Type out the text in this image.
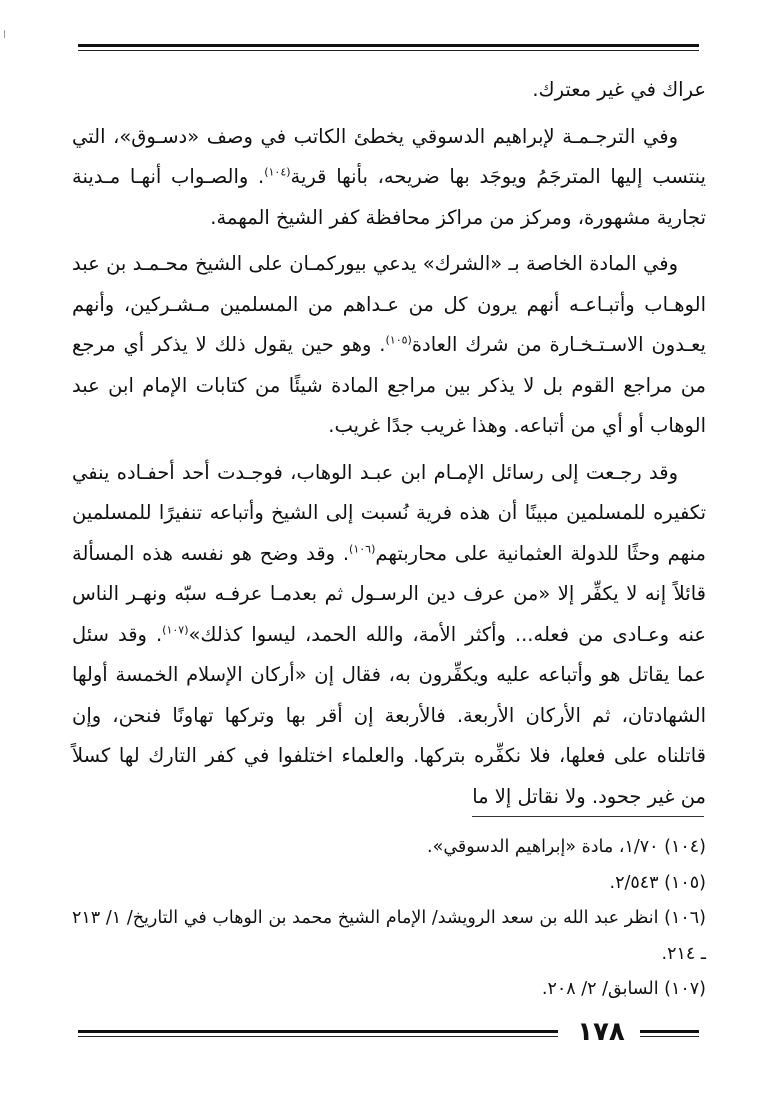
عراك في غير معترك.

وفي الترجـمـة لإبراهيم الدسوقي يخطئ الكاتب في وصف «دسـوق»، التي ينتسب إليها المترجَمُ ويوجَد بها ضريحه، بأنها قرية$^{(١٠٤)}$. والصـواب أنهـا مـدينة تجارية مشهورة، ومركز من مراكز محافظة كفر الشيخ المهمة.

وفي المادة الخاصة بـ «الشرك» يدعي بيوركمـان على الشيخ محـمـد بن عبد الوهـاب وأتبـاعـه أنهم يرون كل من عـداهم من المسلمين مـشـركين، وأنهم يعـدون الاسـتـخـارة من شرك العادة$^{(١٠٥)}$. وهو حين يقول ذلك لا يذكر أي مرجع من مراجع القوم بل لا يذكر بين مراجع المادة شيئًا من كتابات الإمام ابن عبد الوهاب أو أي من أتباعه. وهذا غريب جدًا غريب.

وقد رجـعت إلى رسائل الإمـام ابن عبـد الوهاب، فوجـدت أحد أحفـاده ينفي تكفيره للمسلمين مبينًا أن هذه فرية نُسبت إلى الشيخ وأتباعه تنفيرًا للمسلمين منهم وحثًا للدولة العثمانية على محاربتهم$^{(١٠٦)}$. وقد وضح هو نفسه هذه المسألة قائلاً إنه لا يكفِّر إلا «من عرف دين الرسـول ثم بعدمـا عرفـه سبّه ونهـر الناس عنه وعـادى من فعله... وأكثر الأمة، والله الحمد، ليسوا كذلك»$^{(١٠٧)}$. وقد سئل عما يقاتل هو وأتباعه عليه ويكفِّرون به، فقال إن «أركان الإسلام الخمسة أولها الشهادتان، ثم الأركان الأربعة. فالأربعة إن أقر بها وتركها تهاونًا فنحن، وإن قاتلناه على فعلها، فلا نكفِّره بتركها. والعلماء اختلفوا في كفر التارك لها كسلاً من غير جحود. ولا نقاتل إلا ما

(١٠٤) ١/٧٠، مادة «إبراهيم الدسوقي».

(١٠٥) ٢/٥٤٣.

(١٠٦) انظر عبد الله بن سعد الرويشد/ الإمام الشيخ محمد بن الوهاب في التاريخ/ ١/ ٢١٣ ـ ٢١٤.

(١٠٧) السابق/ ٢/ ٢٠٨.

١٧٨
